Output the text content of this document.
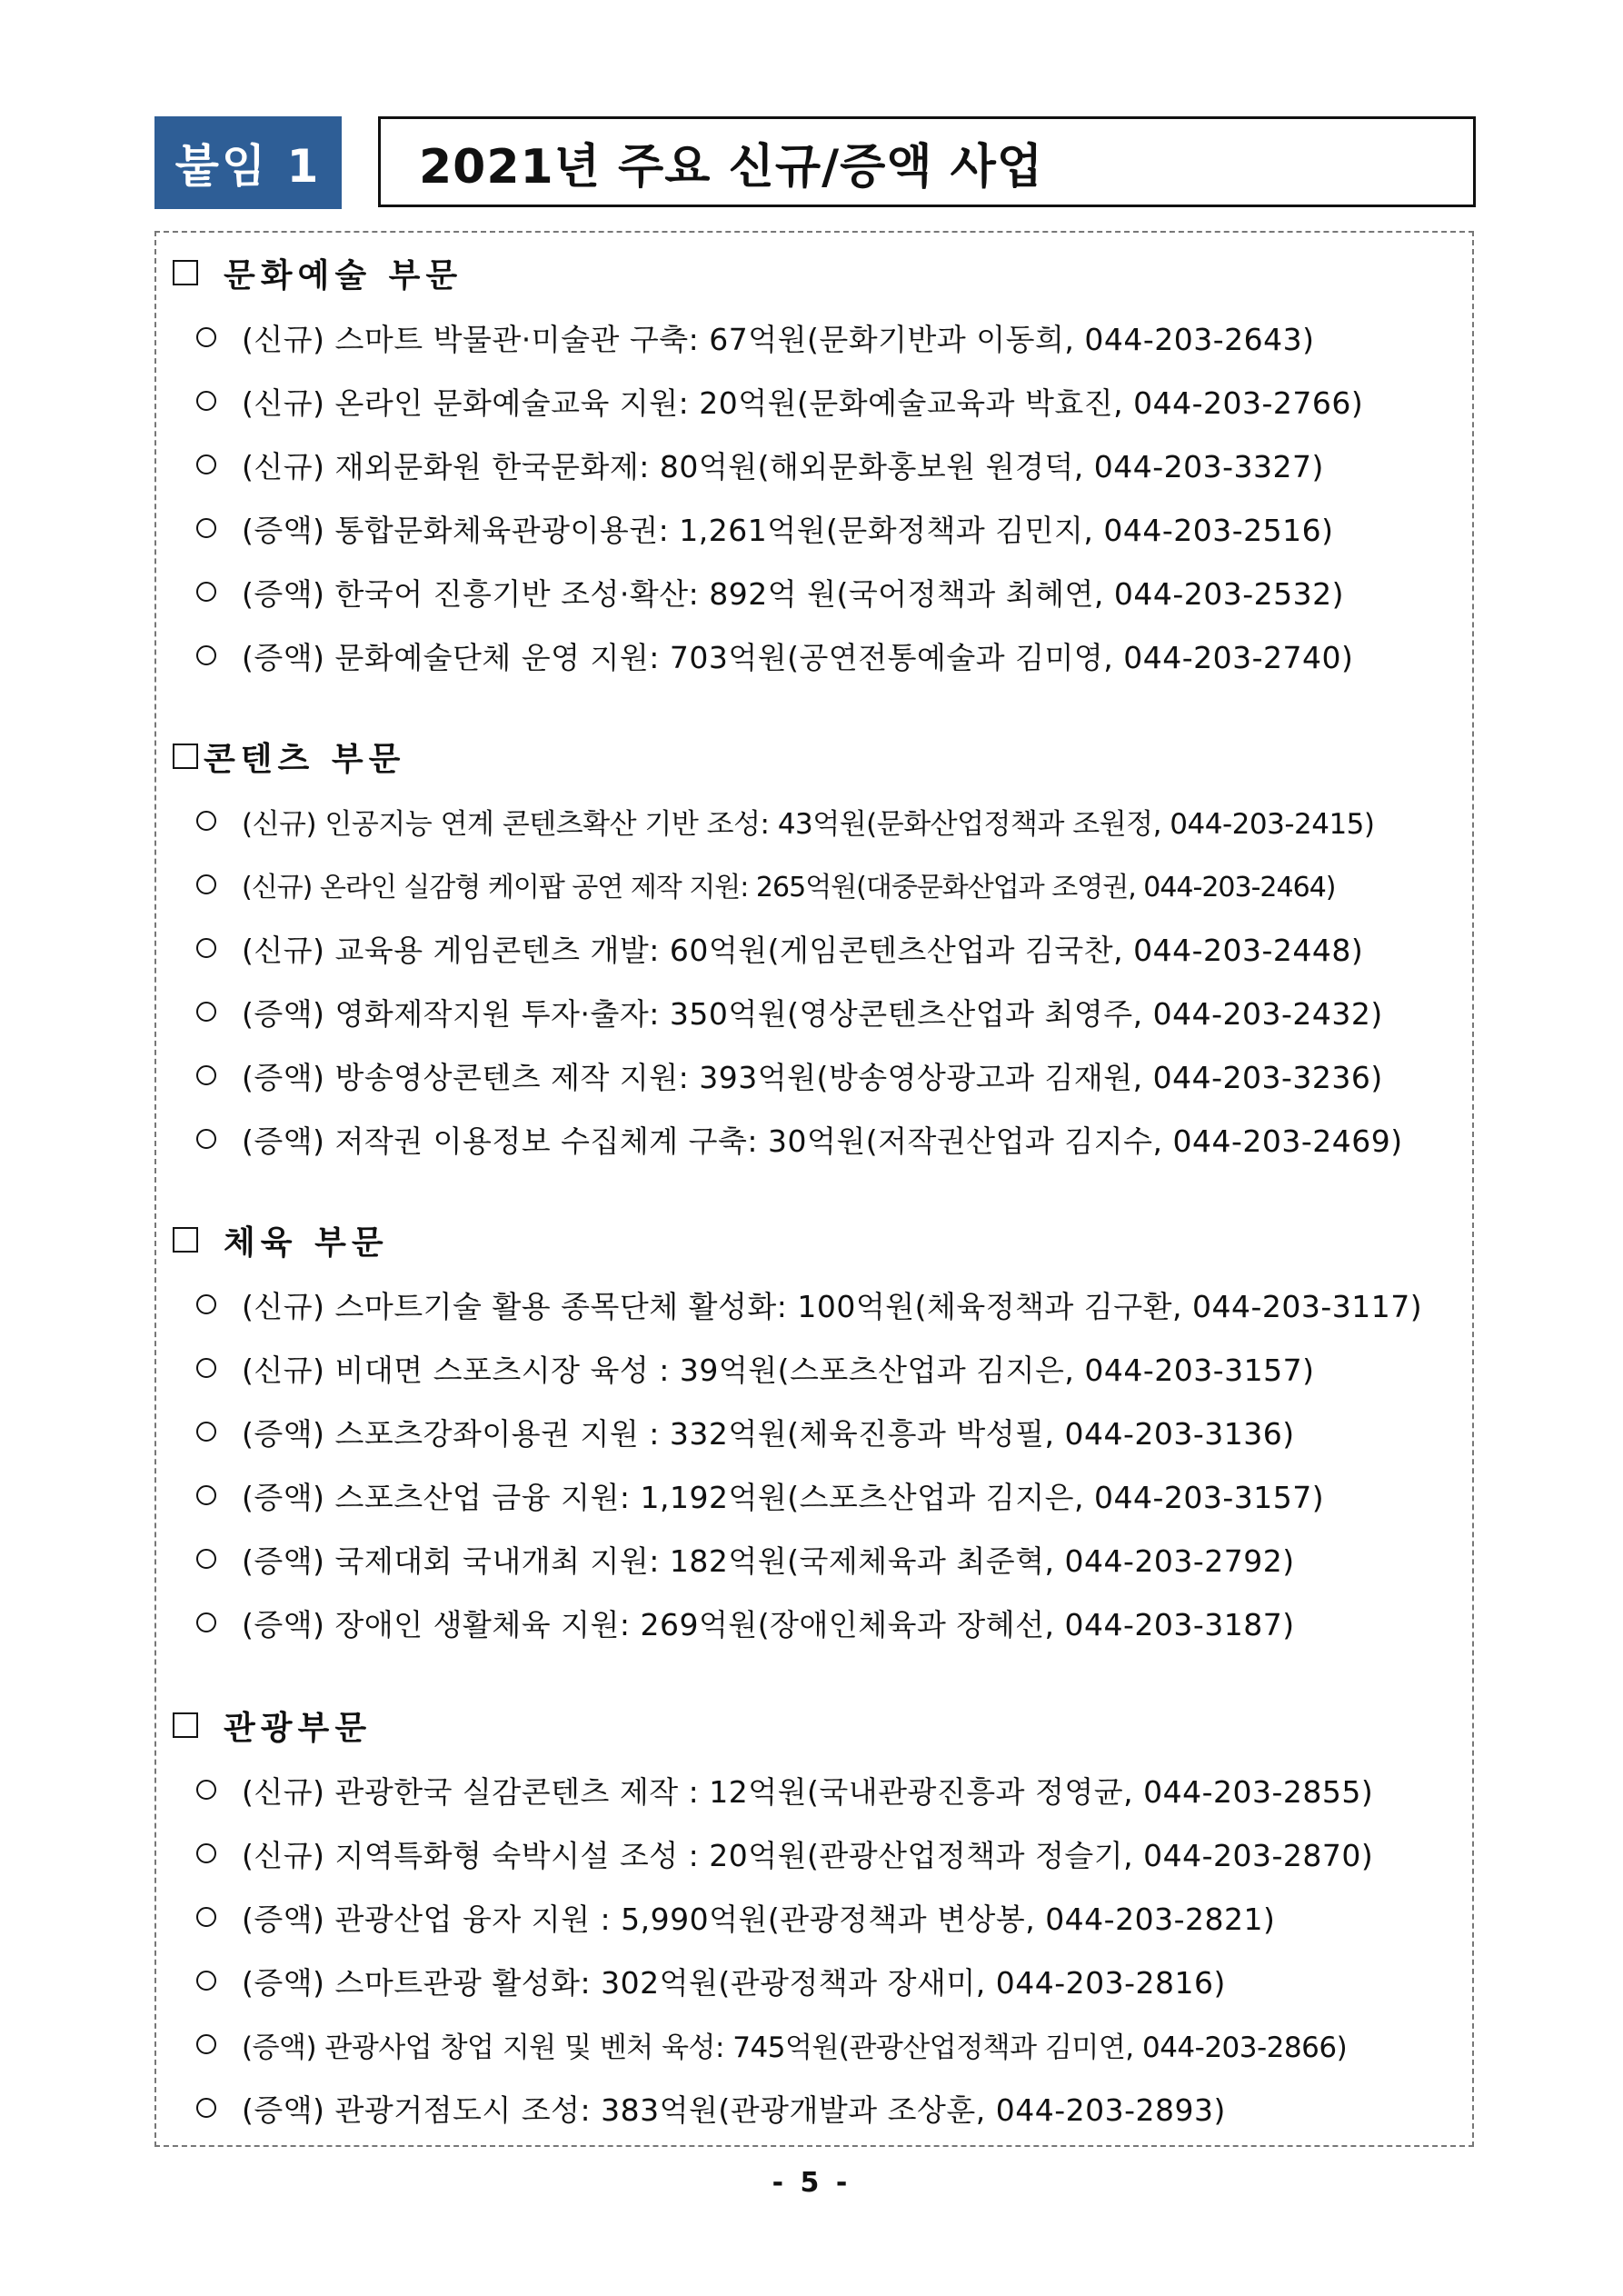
붙임 1	2021년 주요 신규/증액 사업
문화예술 부문
(신규) 스마트 박물관·미술관 구축: 67억원(문화기반과 이동희, 044-203-2643)
(신규) 온라인 문화예술교육 지원: 20억원(문화예술교육과 박효진, 044-203-2766)
(신규) 재외문화원 한국문화제: 80억원(해외문화홍보원 원경덕, 044-203-3327)
(증액) 통합문화체육관광이용권: 1,261억원(문화정책과 김민지, 044-203-2516)
(증액) 한국어 진흥기반 조성·확산: 892억 원(국어정책과 최혜연, 044-203-2532)
(증액) 문화예술단체 운영 지원: 703억원(공연전통예술과 김미영, 044-203-2740)
콘텐츠 부문
(신규) 인공지능 연계 콘텐츠확산 기반 조성: 43억원(문화산업정책과 조원정, 044-203-2415)
(신규) 온라인 실감형 케이팝 공연 제작 지원: 265억원(대중문화산업과 조영권, 044-203-2464)
(신규) 교육용 게임콘텐츠 개발: 60억원(게임콘텐츠산업과 김국찬, 044-203-2448)
(증액) 영화제작지원 투자·출자: 350억원(영상콘텐츠산업과 최영주, 044-203-2432)
(증액) 방송영상콘텐츠 제작 지원: 393억원(방송영상광고과 김재원, 044-203-3236)
(증액) 저작권 이용정보 수집체계 구축: 30억원(저작권산업과 김지수, 044-203-2469)
체육 부문
(신규) 스마트기술 활용 종목단체 활성화: 100억원(체육정책과 김구환, 044-203-3117)
(신규) 비대면 스포츠시장 육성 : 39억원(스포츠산업과 김지은, 044-203-3157)
(증액) 스포츠강좌이용권 지원 : 332억원(체육진흥과 박성필, 044-203-3136)
(증액) 스포츠산업 금융 지원: 1,192억원(스포츠산업과 김지은, 044-203-3157)
(증액) 국제대회 국내개최 지원: 182억원(국제체육과 최준혁, 044-203-2792)
(증액) 장애인 생활체육 지원: 269억원(장애인체육과 장혜선, 044-203-3187)
관광부문
(신규) 관광한국 실감콘텐츠 제작 : 12억원(국내관광진흥과 정영균, 044-203-2855)
(신규) 지역특화형 숙박시설 조성 : 20억원(관광산업정책과 정슬기, 044-203-2870)
(증액) 관광산업 융자 지원 : 5,990억원(관광정책과 변상봉, 044-203-2821)
(증액) 스마트관광 활성화: 302억원(관광정책과 장새미, 044-203-2816)
(증액) 관광사업 창업 지원 및 벤처 육성: 745억원(관광산업정책과 김미연, 044-203-2866)
(증액) 관광거점도시 조성: 383억원(관광개발과 조상훈, 044-203-2893)
- 5 -
